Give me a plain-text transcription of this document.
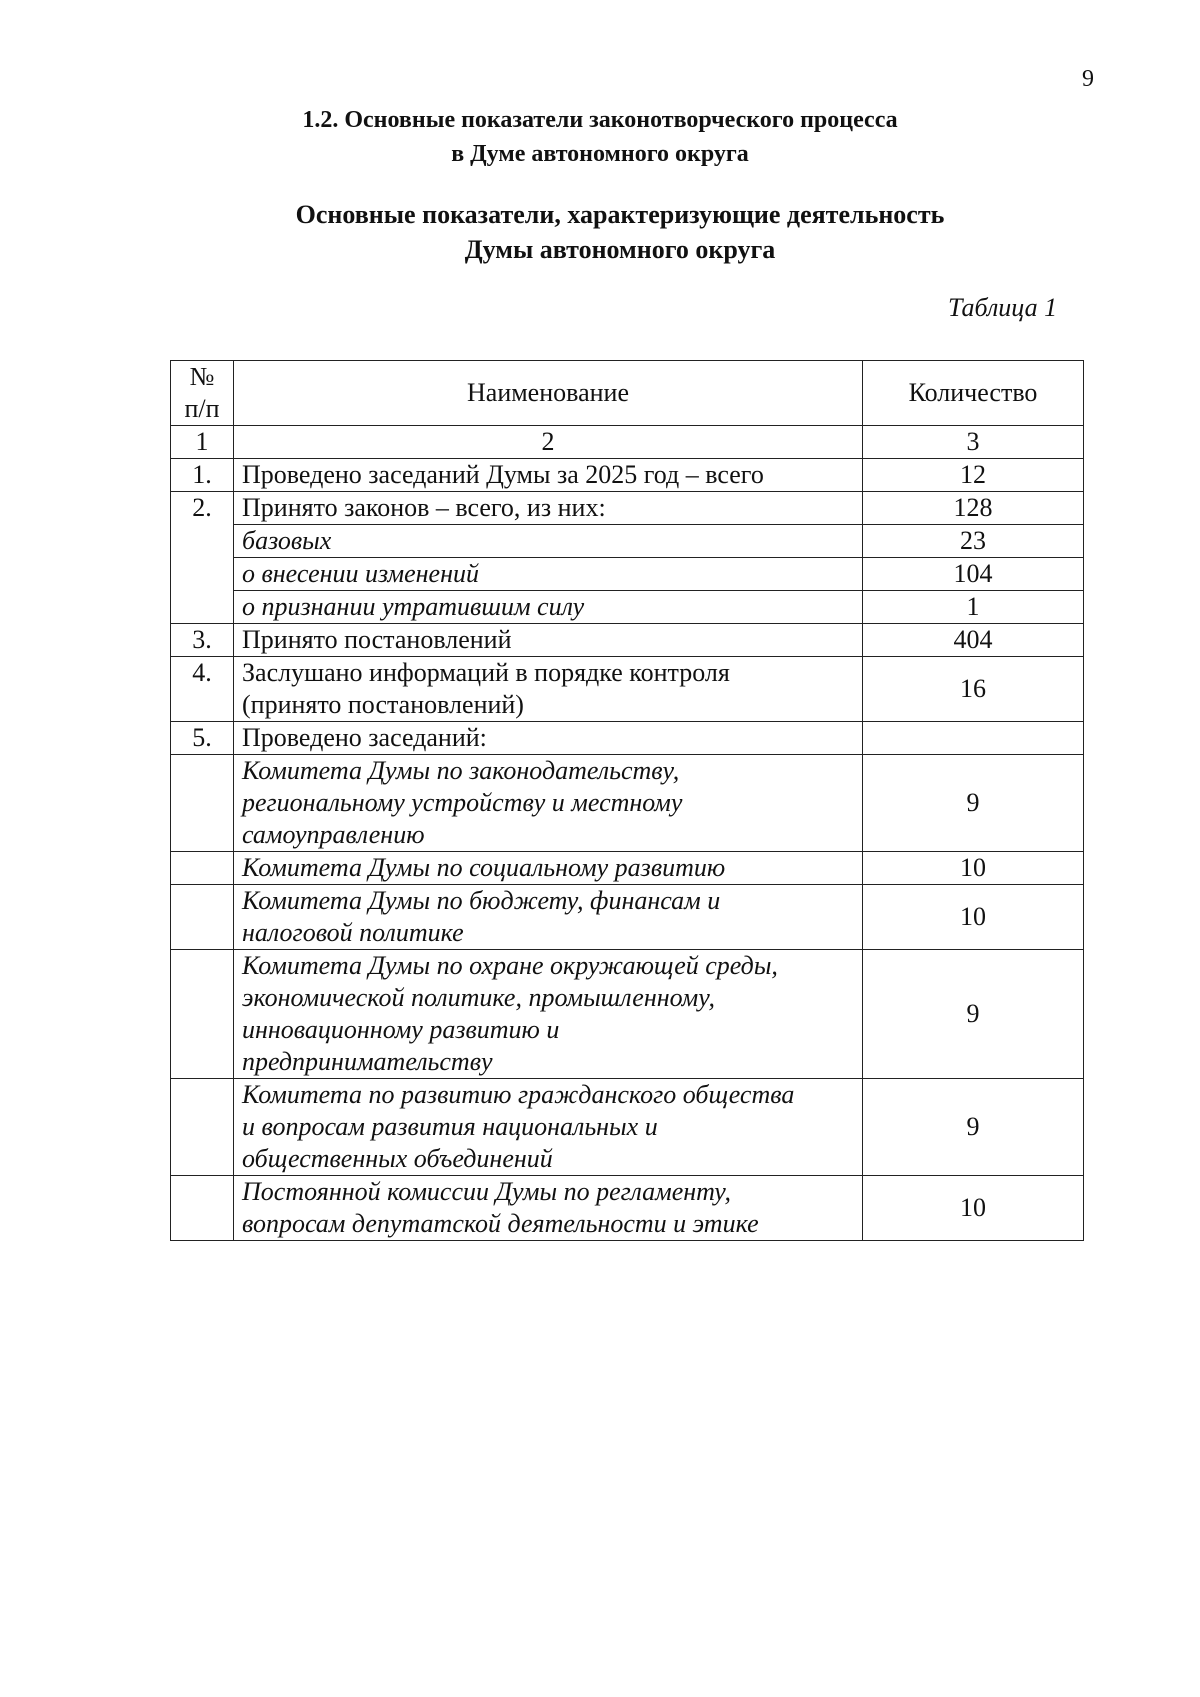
9
1.2. Основные показатели законотворческого процесса
в Думе автономного округа
Основные показатели, характеризующие деятельность
Думы автономного округа
Таблица 1
№
п/п	Наименование	Количество
1	2	3
1.	Проведено заседаний Думы за 2025 год – всего	12
2.	Принято законов – всего, из них:	128
	базовых	23
	о внесении изменений	104
	о признании утратившим силу	1
3.	Принято постановлений	404
4.	Заслушано информаций в порядке контроля
(принято постановлений)	16
5.	Проведено заседаний:	

	Комитета Думы по законодательству,
региональному устройству и местному
самоуправлению	9
	Комитета Думы по социальному развитию	10

	Комитета Думы по бюджету, финансам и
налоговой политике	10

	Комитета Думы по охране окружающей среды,
экономической политике, промышленному,
инновационному развитию и
предпринимательству	9

	Комитета по развитию гражданского общества
и вопросам развития национальных и
общественных объединений	9

	Постоянной комиссии Думы по регламенту,
вопросам депутатской деятельности и этике	10
